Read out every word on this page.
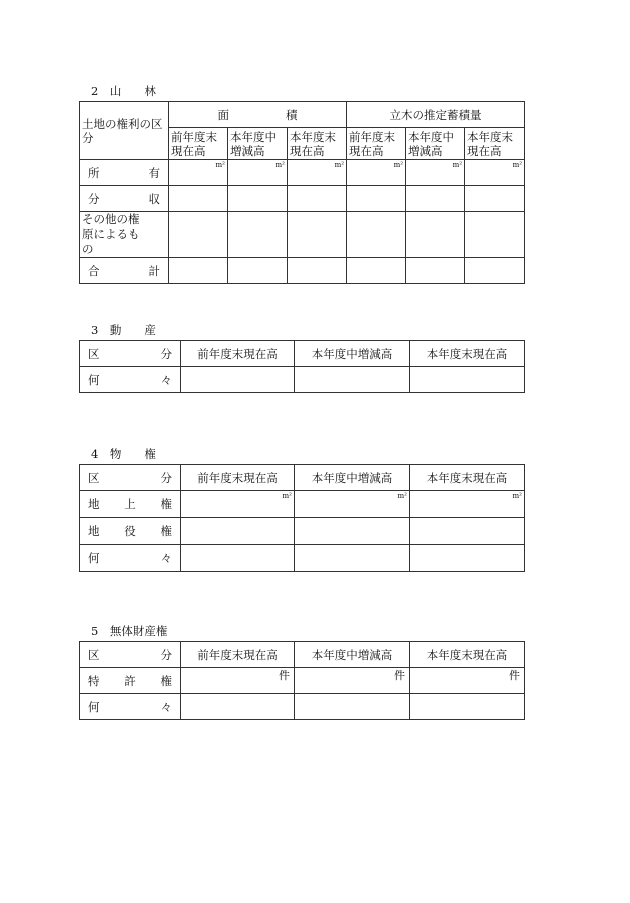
2　山　　林
土地の権利の区分	面 積			立木の推定蓄積量		
	前年度末現在高	本年度中増減高	本年度末現在高	前年度末現在高	本年度中増減高	本年度末現在高
所　　　有	m²	m²	m²	m²	m²	m²
分　　　収						

その他の権原によるもの						

合　　　計						
3　動　　産
区　　　分	前年度末現在高	本年度中増減高	本年度末現在高
何　　　々			
4　物　　権
区　　　分	前年度末現在高	本年度中増減高	本年度末現在高
地　上　権	m²	m²	m²
地　役　権			
何　　　々			
5　無体財産権
区　　　分	前年度末現在高	本年度中増減高	本年度末現在高
特　許　権	件	件	件
何　　　々			
